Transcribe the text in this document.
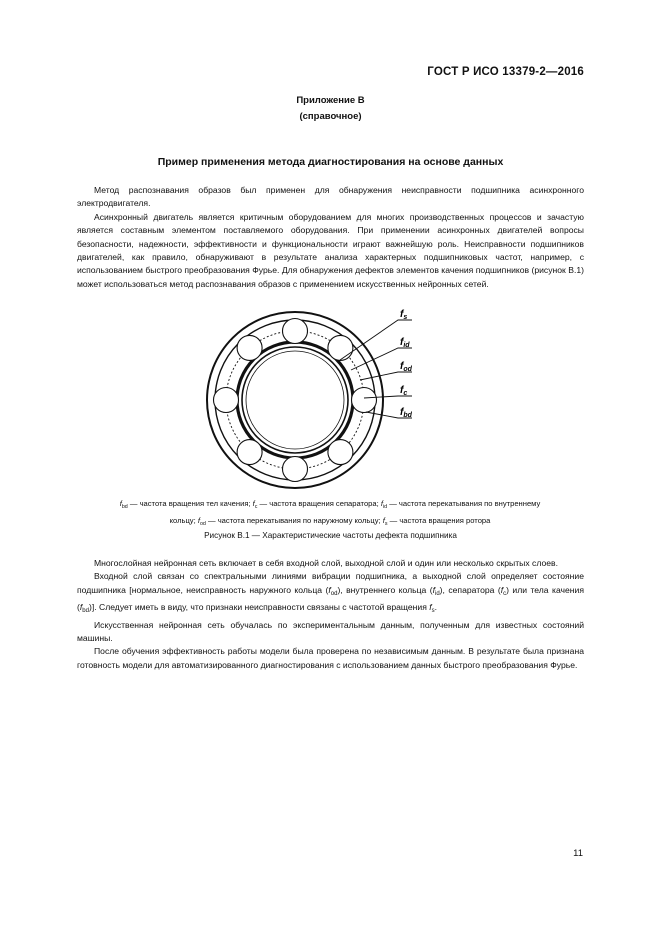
ГОСТ Р ИСО 13379-2—2016
Приложение В
(справочное)
Пример применения метода диагностирования на основе данных

Метод распознавания образов был применен для обнаружения неисправности подшипника асинхронного электродвигателя.

Асинхронный двигатель является критичным оборудованием для многих производственных процессов и зачастую является составным элементом поставляемого оборудования. При применении асинхронных двигателей вопросы безопасности, надежности, эффективности и функциональности играют важнейшую роль. Неисправности подшипников двигателей, как правило, обнаруживают в результате анализа характерных подшипниковых частот, например, с использованием быстрого преобразования Фурье. Для обнаружения дефектов элементов качения подшипников (рисунок В.1) может использоваться метод распознавания образов с применением искусственных нейронных сетей.

$f_s$
$f_{id}$
$f_{od}$
$f_c$
$f_{bd}$
$f_{bd}$ — частота вращения тел качения; $f_c$ — частота вращения сепаратора; $f_{id}$ — частота перекатывания по внутреннему
кольцу; $f_{od}$ — частота перекатывания по наружному кольцу; $f_s$ — частота вращения ротора
Рисунок В.1 — Характеристические частоты дефекта подшипника

Многослойная нейронная сеть включает в себя входной слой, выходной слой и один или несколько скрытых слоев.

Входной слой связан со спектральными линиями вибрации подшипника, а выходной слой определяет состояние подшипника [нормальное, неисправность наружного кольца $(f_{od})$, внутреннего кольца $(f_{id})$, сепаратора $(f_c)$ или тела качения $(f_{bd})$]. Следует иметь в виду, что признаки неисправности связаны с частотой вращения $f_s$.

Искусственная нейронная сеть обучалась по экспериментальным данным, полученным для известных состояний машины.

После обучения эффективность работы модели была проверена по независимым данным. В результате была признана готовность модели для автоматизированного диагностирования с использованием данных быстрого преобразования Фурье.

11
